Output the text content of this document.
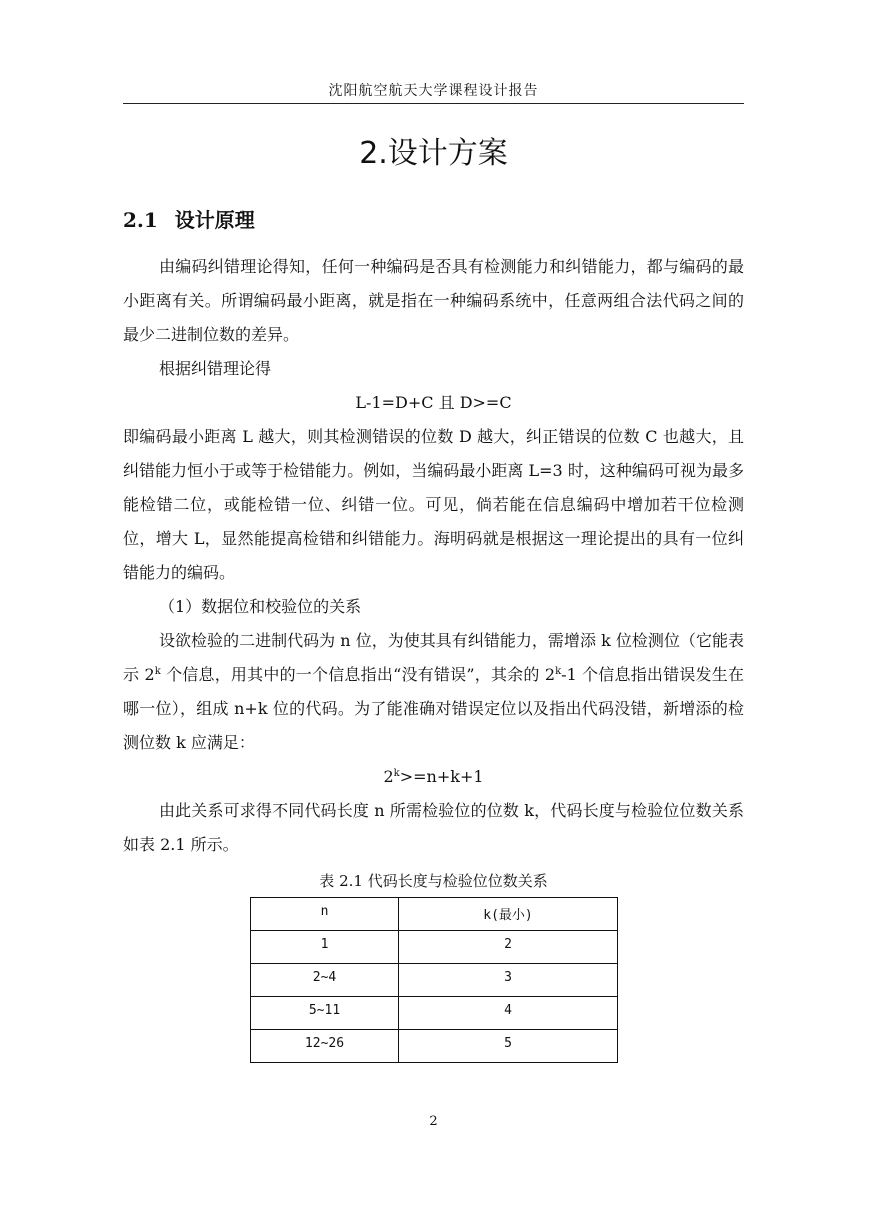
沈阳航空航天大学课程设计报告
2.设计方案
2.1 设计原理

由编码纠错理论得知，任何一种编码是否具有检测能力和纠错能力，都与编码的最小距离有关。所谓编码最小距离，就是指在一种编码系统中，任意两组合法代码之间的最少二进制位数的差异。

根据纠错理论得

L-1=D+C 且 D>=C

即编码最小距离 L 越大，则其检测错误的位数 D 越大，纠正错误的位数 C 也越大，且纠错能力恒小于或等于检错能力。例如，当编码最小距离 L=3 时，这种编码可视为最多能检错二位，或能检错一位、纠错一位。可见，倘若能在信息编码中增加若干位检测位，增大 L，显然能提高检错和纠错能力。海明码就是根据这一理论提出的具有一位纠错能力的编码。

（1）数据位和校验位的关系

设欲检验的二进制代码为 n 位，为使其具有纠错能力，需增添 k 位检测位（它能表示 2$^k$ 个信息，用其中的一个信息指出“没有错误”，其余的 2$^k$-1 个信息指出错误发生在哪一位），组成 n+k 位的代码。为了能准确对错误定位以及指出代码没错，新增添的检测位数 k 应满足：

$2^k>=n+k+1$

由此关系可求得不同代码长度 n 所需检验位的位数 k，代码长度与检验位位数关系如表 2.1 所示。

表 2.1 代码长度与检验位位数关系
n	k(最小)
1	2
2~4	3
5~11	4
12~26	5
2
